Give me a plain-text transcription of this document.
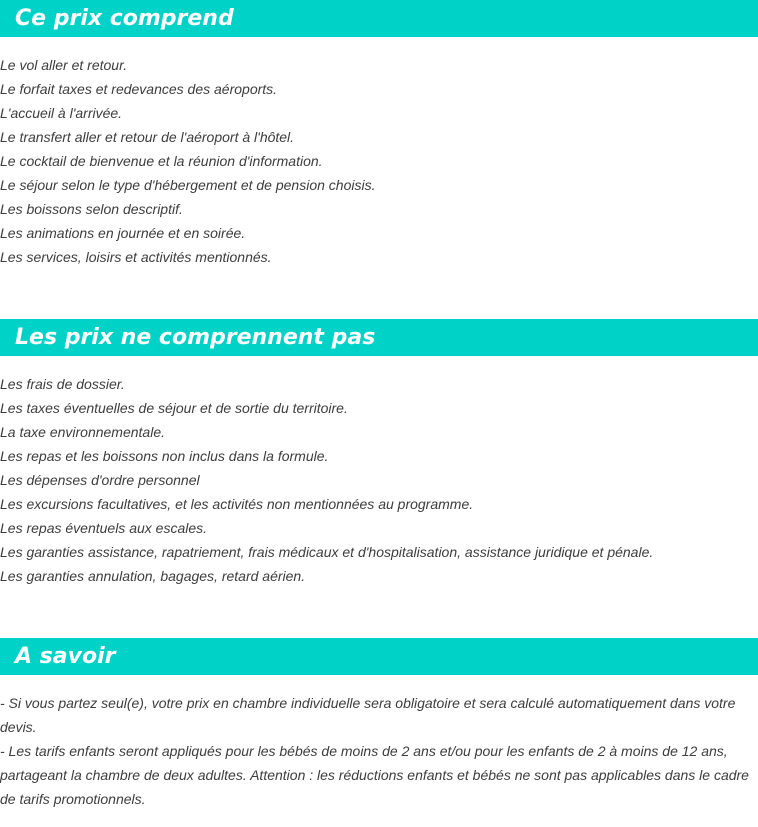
Ce prix comprend
Le vol aller et retour.
Le forfait taxes et redevances des aéroports.
L'accueil à l'arrivée.
Le transfert aller et retour de l'aéroport à l'hôtel.
Le cocktail de bienvenue et la réunion d'information.
Le séjour selon le type d'hébergement et de pension choisis.
Les boissons selon descriptif.
Les animations en journée et en soirée.
Les services, loisirs et activités mentionnés.
Les prix ne comprennent pas
Les frais de dossier.
Les taxes éventuelles de séjour et de sortie du territoire.
La taxe environnementale.
Les repas et les boissons non inclus dans la formule.
Les dépenses d'ordre personnel
Les excursions facultatives, et les activités non mentionnées au programme.
Les repas éventuels aux escales.
Les garanties assistance, rapatriement, frais médicaux et d'hospitalisation, assistance juridique et pénale.
Les garanties annulation, bagages, retard aérien.
A savoir

- Si vous partez seul(e), votre prix en chambre individuelle sera obligatoire et sera calculé automatiquement dans votre devis.

- Les tarifs enfants seront appliqués pour les bébés de moins de 2 ans et/ou pour les enfants de 2 à moins de 12 ans, partageant la chambre de deux adultes. Attention : les réductions enfants et bébés ne sont pas applicables dans le cadre de tarifs promotionnels.
